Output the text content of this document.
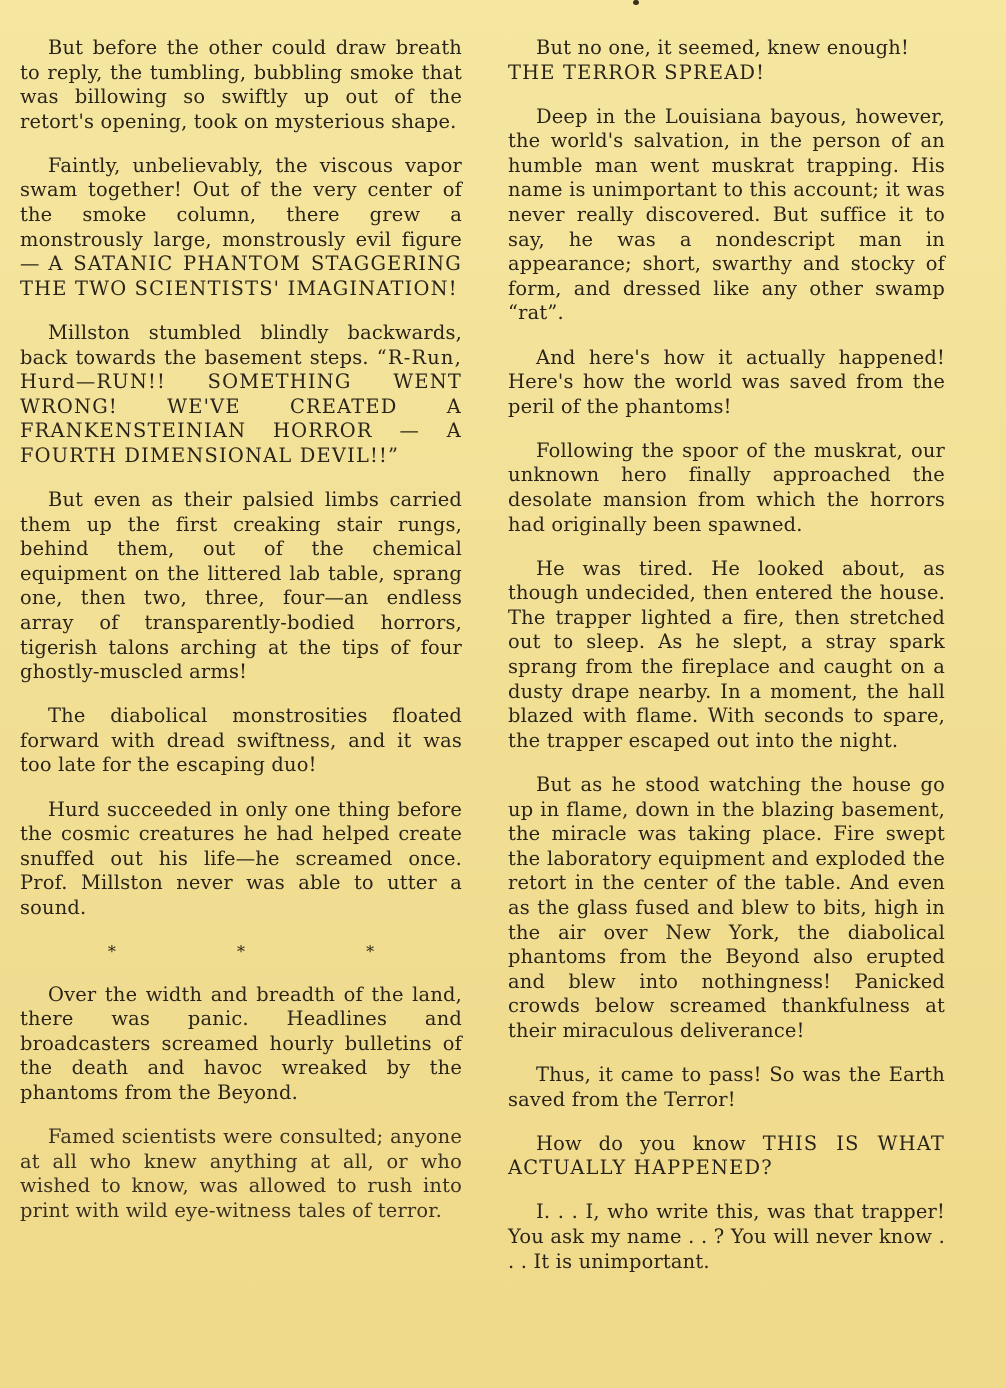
But before the other could draw breath to reply, the tumbling, bubbling smoke that was billowing so swiftly up out of the retort's opening, took on mysterious shape.

Faintly, unbelievably, the viscous vapor swam together! Out of the very center of the smoke column, there grew a monstrously large, monstrously evil figure — A SATANIC PHANTOM STAGGERING THE TWO SCIENTISTS' IMAGINATION!

Millston stumbled blindly backwards, back towards the basement steps. “R-Run, Hurd—RUN!! SOMETHING WENT WRONG! WE'VE CREATED A FRANKENSTEINIAN HORROR — A FOURTH DIMENSIONAL DEVIL!!”

But even as their palsied limbs carried them up the first creaking stair rungs, behind them, out of the chemical equipment on the littered lab table, sprang one, then two, three, four—an endless array of transparently-bodied horrors, tigerish talons arching at the tips of four ghostly-muscled arms!

The diabolical monstrosities floated forward with dread swiftness, and it was too late for the escaping duo!

Hurd succeeded in only one thing before the cosmic creatures he had helped create snuffed out his life—he screamed once. Prof. Millston never was able to utter a sound.

* * *

Over the width and breadth of the land, there was panic. Headlines and broadcasters screamed hourly bulletins of the death and havoc wreaked by the phantoms from the Beyond.

Famed scientists were consulted; anyone at all who knew anything at all, or who wished to know, was allowed to rush into print with wild eye-witness tales of terror.

But no one, it seemed, knew enough!
THE TERROR SPREAD!

Deep in the Louisiana bayous, however, the world's salvation, in the person of an humble man went muskrat trapping. His name is unimportant to this account; it was never really discovered. But suffice it to say, he was a nondescript man in appearance; short, swarthy and stocky of form, and dressed like any other swamp “rat”.

And here's how it actually happened! Here's how the world was saved from the peril of the phantoms!

Following the spoor of the muskrat, our unknown hero finally approached the desolate mansion from which the horrors had originally been spawned.

He was tired. He looked about, as though undecided, then entered the house. The trapper lighted a fire, then stretched out to sleep. As he slept, a stray spark sprang from the fireplace and caught on a dusty drape nearby. In a moment, the hall blazed with flame. With seconds to spare, the trapper escaped out into the night.

But as he stood watching the house go up in flame, down in the blazing basement, the miracle was taking place. Fire swept the laboratory equipment and exploded the retort in the center of the table. And even as the glass fused and blew to bits, high in the air over New York, the diabolical phantoms from the Beyond also erupted and blew into nothingness! Panicked crowds below screamed thankfulness at their miraculous deliverance!

Thus, it came to pass! So was the Earth saved from the Terror!

How do you know THIS IS WHAT ACTUALLY HAPPENED?

I. . . I, who write this, was that trapper! You ask my name . . ? You will never know . . . It is unimportant.
